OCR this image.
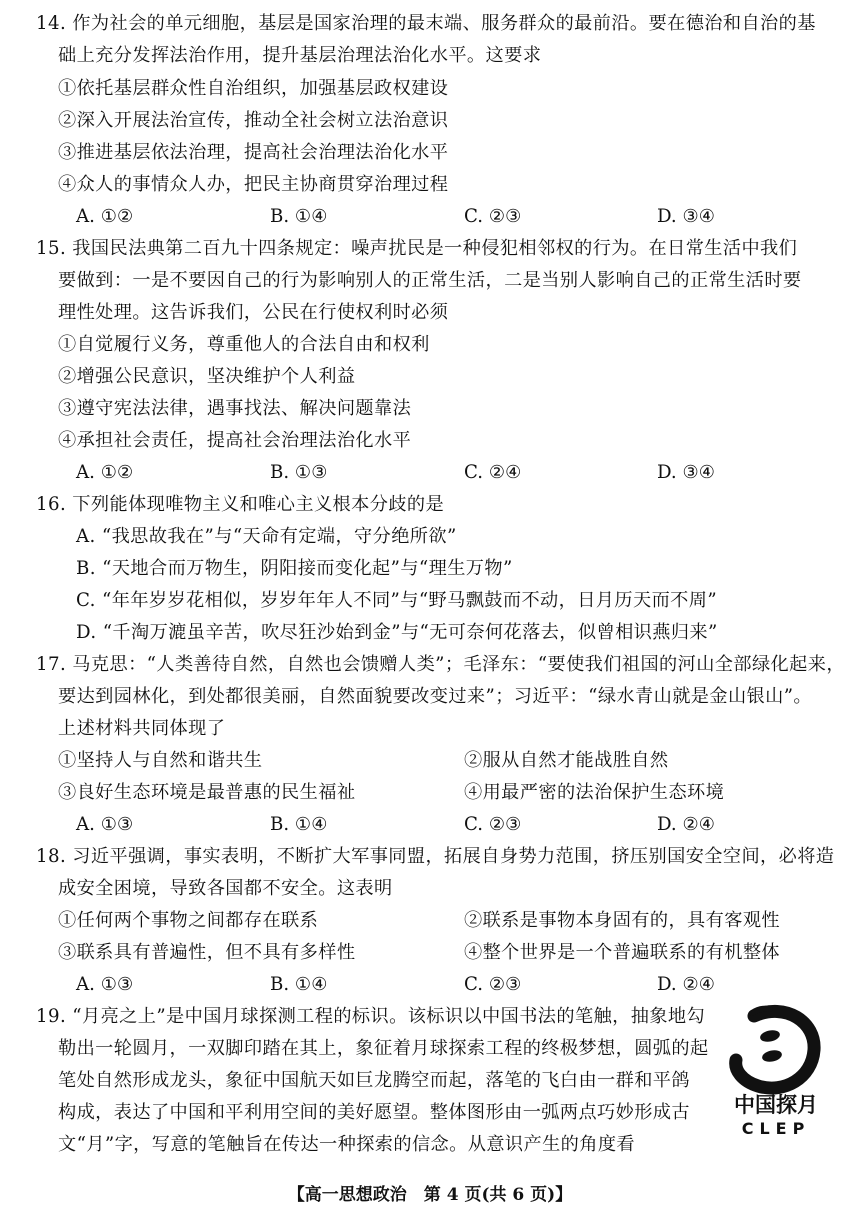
14. 作为社会的单元细胞，基层是国家治理的最末端、服务群众的最前沿。要在德治和自治的基
础上充分发挥法治作用，提升基层治理法治化水平。这要求
①依托基层群众性自治组织，加强基层政权建设
②深入开展法治宣传，推动全社会树立法治意识
③推进基层依法治理，提高社会治理法治化水平
④众人的事情众人办，把民主协商贯穿治理过程
A. ①②	B. ①④	C. ②③	D. ③④
15. 我国民法典第二百九十四条规定：噪声扰民是一种侵犯相邻权的行为。在日常生活中我们
要做到：一是不要因自己的行为影响别人的正常生活，二是当别人影响自己的正常生活时要
理性处理。这告诉我们，公民在行使权利时必须
①自觉履行义务，尊重他人的合法自由和权利
②增强公民意识，坚决维护个人利益
③遵守宪法法律，遇事找法、解决问题靠法
④承担社会责任，提高社会治理法治化水平
A. ①②	B. ①③	C. ②④	D. ③④
16. 下列能体现唯物主义和唯心主义根本分歧的是
A. “我思故我在”与“天命有定端，守分绝所欲”
B. “天地合而万物生，阴阳接而变化起”与“理生万物”
C. “年年岁岁花相似，岁岁年年人不同”与“野马飘鼓而不动，日月历天而不周”
D. “千淘万漉虽辛苦，吹尽狂沙始到金”与“无可奈何花落去，似曾相识燕归来”
17. 马克思：“人类善待自然，自然也会馈赠人类”；毛泽东：“要使我们祖国的河山全部绿化起来，
要达到园林化，到处都很美丽，自然面貌要改变过来”；习近平：“绿水青山就是金山银山”。
上述材料共同体现了
①坚持人与自然和谐共生	②服从自然才能战胜自然
③良好生态环境是最普惠的民生福祉	④用最严密的法治保护生态环境
A. ①③	B. ①④	C. ②③	D. ②④
18. 习近平强调，事实表明，不断扩大军事同盟，拓展自身势力范围，挤压别国安全空间，必将造
成安全困境，导致各国都不安全。这表明
①任何两个事物之间都存在联系	②联系是事物本身固有的，具有客观性
③联系具有普遍性，但不具有多样性	④整个世界是一个普遍联系的有机整体
A. ①③	B. ①④	C. ②③	D. ②④
19. “月亮之上”是中国月球探测工程的标识。该标识以中国书法的笔触，抽象地勾
勒出一轮圆月，一双脚印踏在其上，象征着月球探索工程的终极梦想，圆弧的起
笔处自然形成龙头，象征中国航天如巨龙腾空而起，落笔的飞白由一群和平鸽
构成，表达了中国和平利用空间的美好愿望。整体图形由一弧两点巧妙形成古
文“月”字，写意的笔触旨在传达一种探索的信念。从意识产生的角度看
中国探月
CLEP
【高一思想政治　第 4 页(共 6 页)】
